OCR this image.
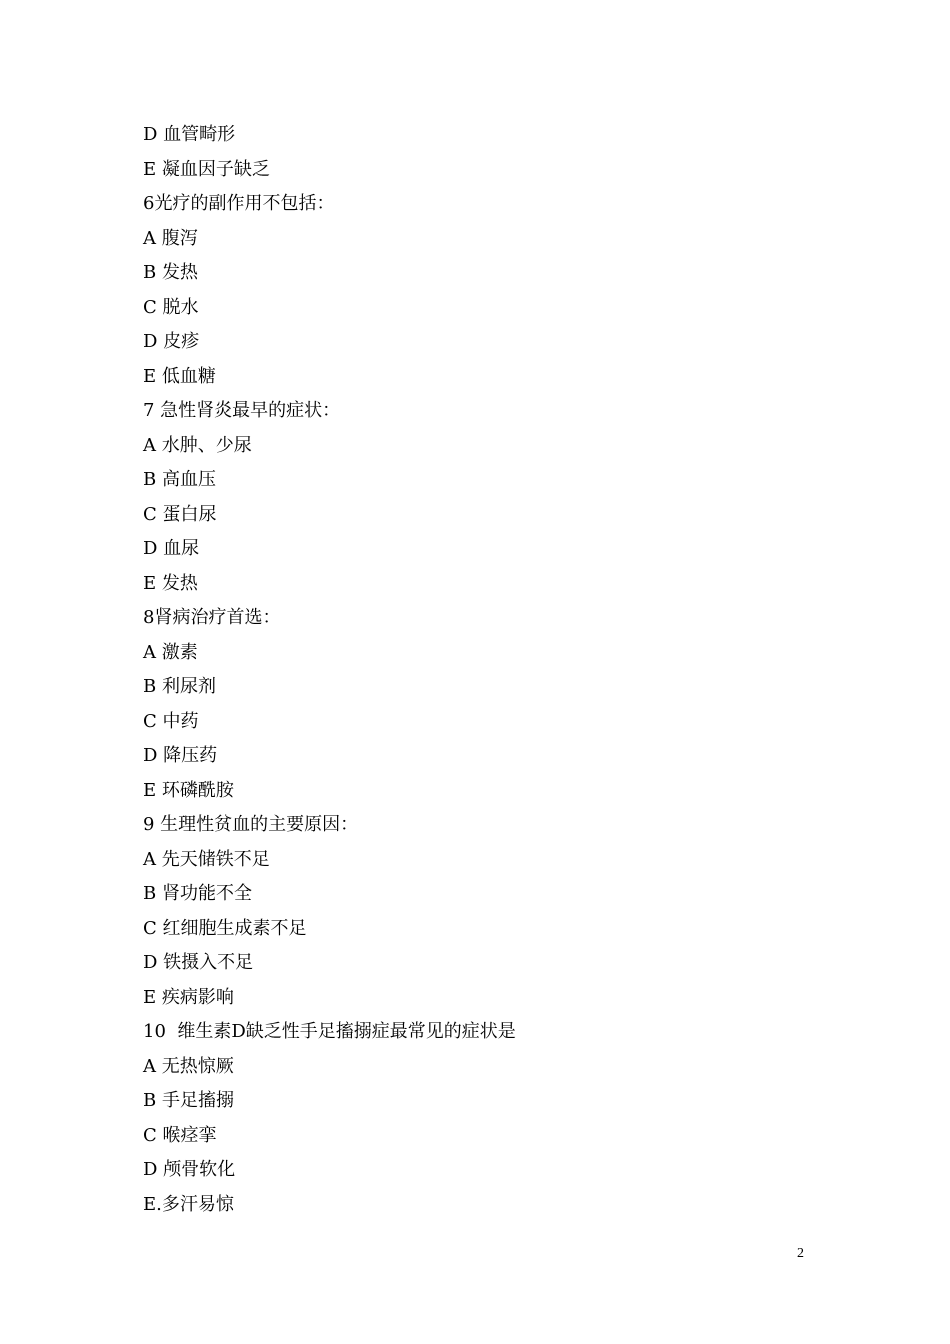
D 血管畸形
E 凝血因子缺乏
6光疗的副作用不包括：
A 腹泻
B 发热
C 脱水
D 皮疹
E 低血糖
7 急性肾炎最早的症状：
A 水肿、少尿
B 高血压
C 蛋白尿
D 血尿
E 发热
8肾病治疗首选：
A 激素
B 利尿剂
C 中药
D 降压药
E 环磷酰胺
9 生理性贫血的主要原因：
A 先天储铁不足
B 肾功能不全
C 红细胞生成素不足
D 铁摄入不足
E 疾病影响
10  维生素D缺乏性手足搐搦症最常见的症状是
A 无热惊厥
B 手足搐搦
C 喉痉挛
D 颅骨软化
E.多汗易惊
2
